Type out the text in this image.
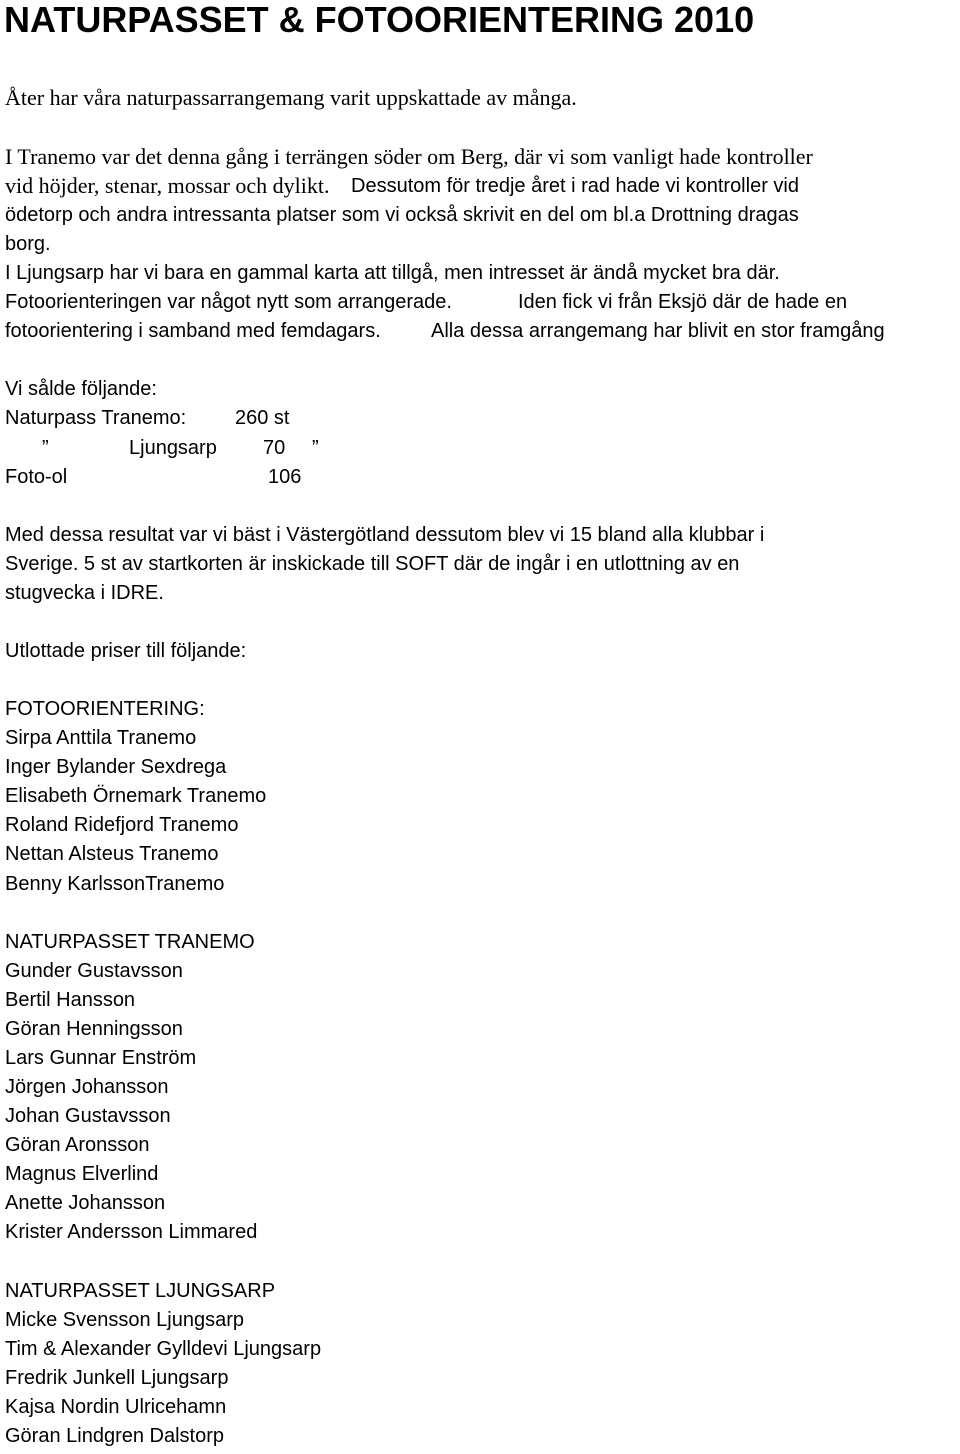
NATURPASSET & FOTOORIENTERING 2010
Åter har våra naturpassarrangemang varit uppskattade av många.
I Tranemo var det denna gång i terrängen söder om Berg, där vi som vanligt hade kontroller
vid höjder, stenar, mossar och dylikt. Dessutom för tredje året i rad hade vi kontroller vid
ödetorp och andra intressanta platser som vi också skrivit en del om bl.a Drottning dragas
borg.
I Ljungsarp har vi bara en gammal karta att tillgå, men intresset är ändå mycket bra där.
Fotoorienteringen var något nytt som arrangerade.	Iden fick vi från Eksjö där de hade en
fotoorientering i samband med femdagars.	Alla dessa arrangemang har blivit en stor framgång
Vi sålde följande:
Naturpass Tranemo: 260 st
”	Ljungsarp 70 ”
Foto-ol	106
Med dessa resultat var vi bäst i Västergötland dessutom blev vi 15 bland alla klubbar i
Sverige. 5 st av startkorten är inskickade till SOFT där de ingår i en utlottning av en
stugvecka i IDRE.
Utlottade priser till följande:
FOTOORIENTERING:
Sirpa Anttila Tranemo
Inger Bylander Sexdrega
Elisabeth Örnemark Tranemo
Roland Ridefjord Tranemo
Nettan Alsteus Tranemo
Benny KarlssonTranemo
NATURPASSET TRANEMO
Gunder Gustavsson
Bertil Hansson
Göran Henningsson
Lars Gunnar Enström
Jörgen Johansson
Johan Gustavsson
Göran Aronsson
Magnus Elverlind
Anette Johansson
Krister Andersson Limmared
NATURPASSET LJUNGSARP
Micke Svensson Ljungsarp
Tim & Alexander Gylldevi Ljungsarp
Fredrik Junkell Ljungsarp
Kajsa Nordin Ulricehamn
Göran Lindgren Dalstorp
